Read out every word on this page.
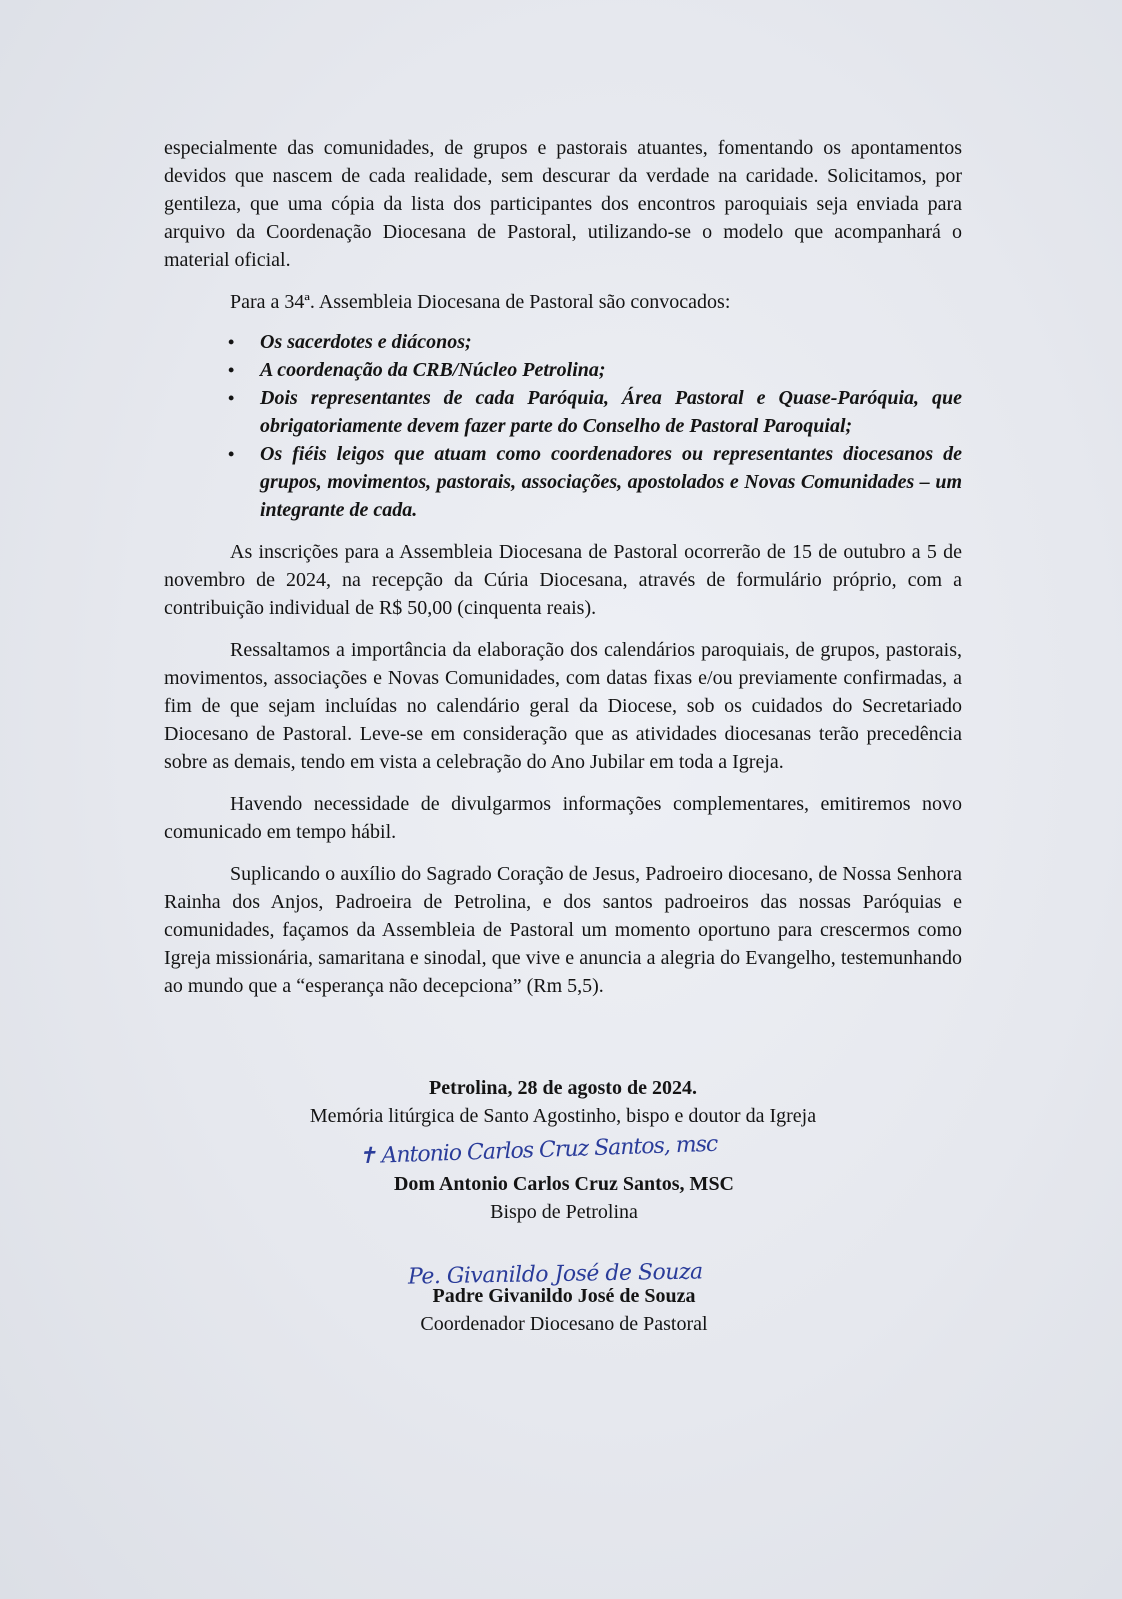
especialmente das comunidades, de grupos e pastorais atuantes, fomentando os apontamentos devidos que nascem de cada realidade, sem descurar da verdade na caridade. Solicitamos, por gentileza, que uma cópia da lista dos participantes dos encontros paroquiais seja enviada para arquivo da Coordenação Diocesana de Pastoral, utilizando-se o modelo que acompanhará o material oficial.

Para a 34ª. Assembleia Diocesana de Pastoral são convocados:

• Os sacerdotes e diáconos;
• A coordenação da CRB/Núcleo Petrolina;
• Dois representantes de cada Paróquia, Área Pastoral e Quase-Paróquia, que obrigatoriamente devem fazer parte do Conselho de Pastoral Paroquial;
• Os fiéis leigos que atuam como coordenadores ou representantes diocesanos de grupos, movimentos, pastorais, associações, apostolados e Novas Comunidades – um integrante de cada.

As inscrições para a Assembleia Diocesana de Pastoral ocorrerão de 15 de outubro a 5 de novembro de 2024, na recepção da Cúria Diocesana, através de formulário próprio, com a contribuição individual de R$ 50,00 (cinquenta reais).

Ressaltamos a importância da elaboração dos calendários paroquiais, de grupos, pastorais, movimentos, associações e Novas Comunidades, com datas fixas e/ou previamente confirmadas, a fim de que sejam incluídas no calendário geral da Diocese, sob os cuidados do Secretariado Diocesano de Pastoral. Leve-se em consideração que as atividades diocesanas terão precedência sobre as demais, tendo em vista a celebração do Ano Jubilar em toda a Igreja.

Havendo necessidade de divulgarmos informações complementares, emitiremos novo comunicado em tempo hábil.

Suplicando o auxílio do Sagrado Coração de Jesus, Padroeiro diocesano, de Nossa Senhora Rainha dos Anjos, Padroeira de Petrolina, e dos santos padroeiros das nossas Paróquias e comunidades, façamos da Assembleia de Pastoral um momento oportuno para crescermos como Igreja missionária, samaritana e sinodal, que vive e anuncia a alegria do Evangelho, testemunhando ao mundo que a “esperança não decepciona” (Rm 5,5).

Petrolina, 28 de agosto de 2024.
Memória litúrgica de Santo Agostinho, bispo e doutor da Igreja
✝ Antonio Carlos Cruz Santos, msc
Dom Antonio Carlos Cruz Santos, MSC
Bispo de Petrolina
Pe. Givanildo José de Souza
Padre Givanildo José de Souza
Coordenador Diocesano de Pastoral
